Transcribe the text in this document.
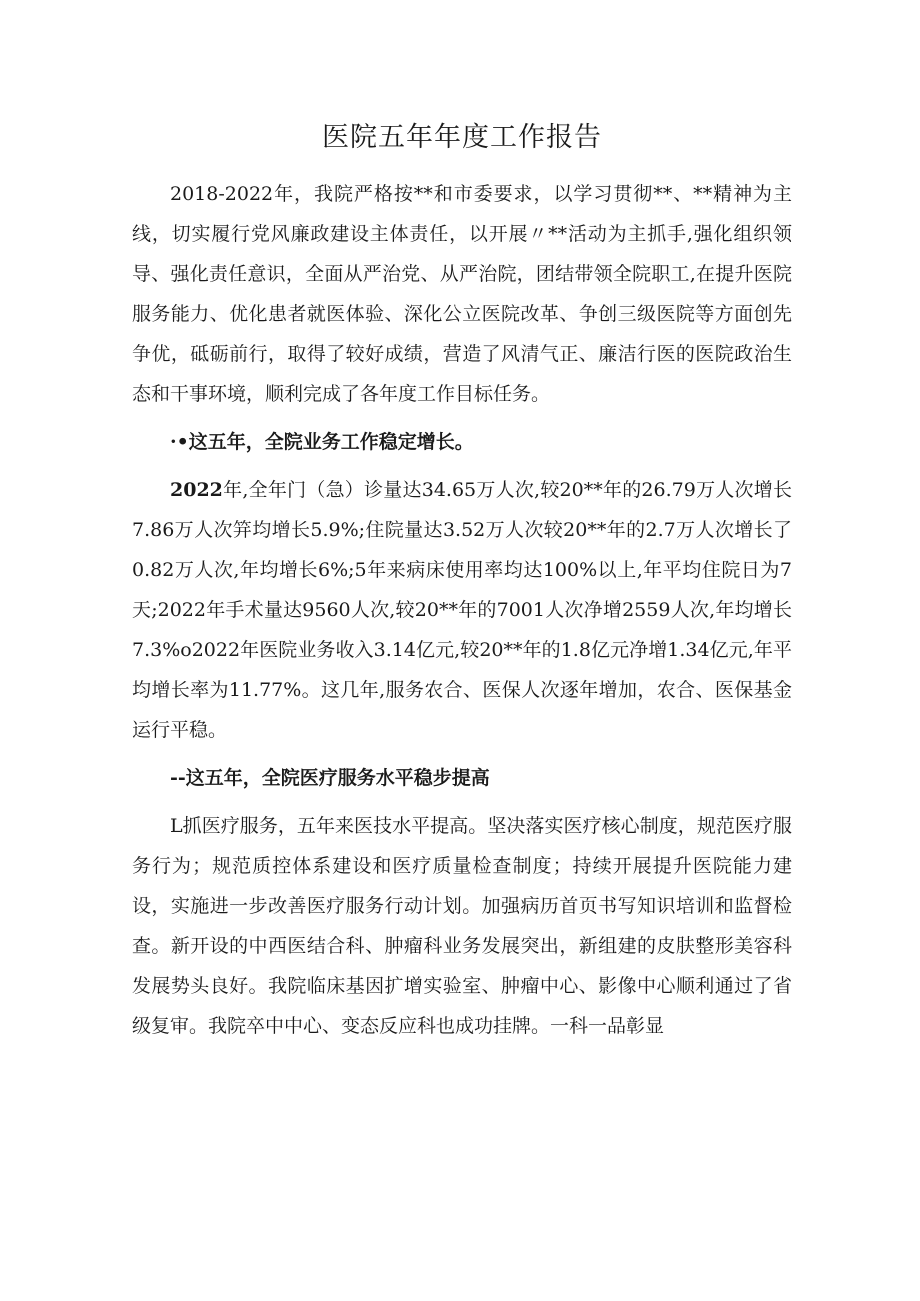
医院五年年度工作报告

2018-2022年，我院严格按**和市委要求，以学习贯彻**、**精神为主线，切实履行党风廉政建设主体责任，以开展〃**活动为主抓手,强化组织领导、强化责任意识，全面从严治党、从严治院，团结带领全院职工,在提升医院服务能力、优化患者就医体验、深化公立医院改革、争创三级医院等方面创先争优，砥砺前行，取得了较好成绩，营造了风清气正、廉洁行医的医院政治生态和干事环境，顺利完成了各年度工作目标任务。

·•这五年，全院业务工作稳定增长。

2022年,全年门（急）诊量达34.65万人次,较20**年的26.79万人次增长7.86万人次笄均增长5.9%;住院量达3.52万人次较20**年的2.7万人次增长了0.82万人次,年均增长6%;5年来病床使用率均达100%以上,年平均住院日为7天;2022年手术量达9560人次,较20**年的7001人次净增2559人次,年均增长7.3%o2022年医院业务收入3.14亿元,较20**年的1.8亿元净增1.34亿元,年平均增长率为11.77%。这几年,服务农合、医保人次逐年增加，农合、医保基金运行平稳。

--这五年，全院医疗服务水平稳步提高

L抓医疗服务，五年来医技水平提高。坚决落实医疗核心制度，规范医疗服务行为；规范质控体系建设和医疗质量检查制度；持续开展提升医院能力建设，实施进一步改善医疗服务行动计划。加强病历首页书写知识培训和监督检查。新开设的中西医结合科、肿瘤科业务发展突出，新组建的皮肤整形美容科发展势头良好。我院临床基因扩增实验室、肿瘤中心、影像中心顺利通过了省级复审。我院卒中中心、变态反应科也成功挂牌。一科一品彰显
